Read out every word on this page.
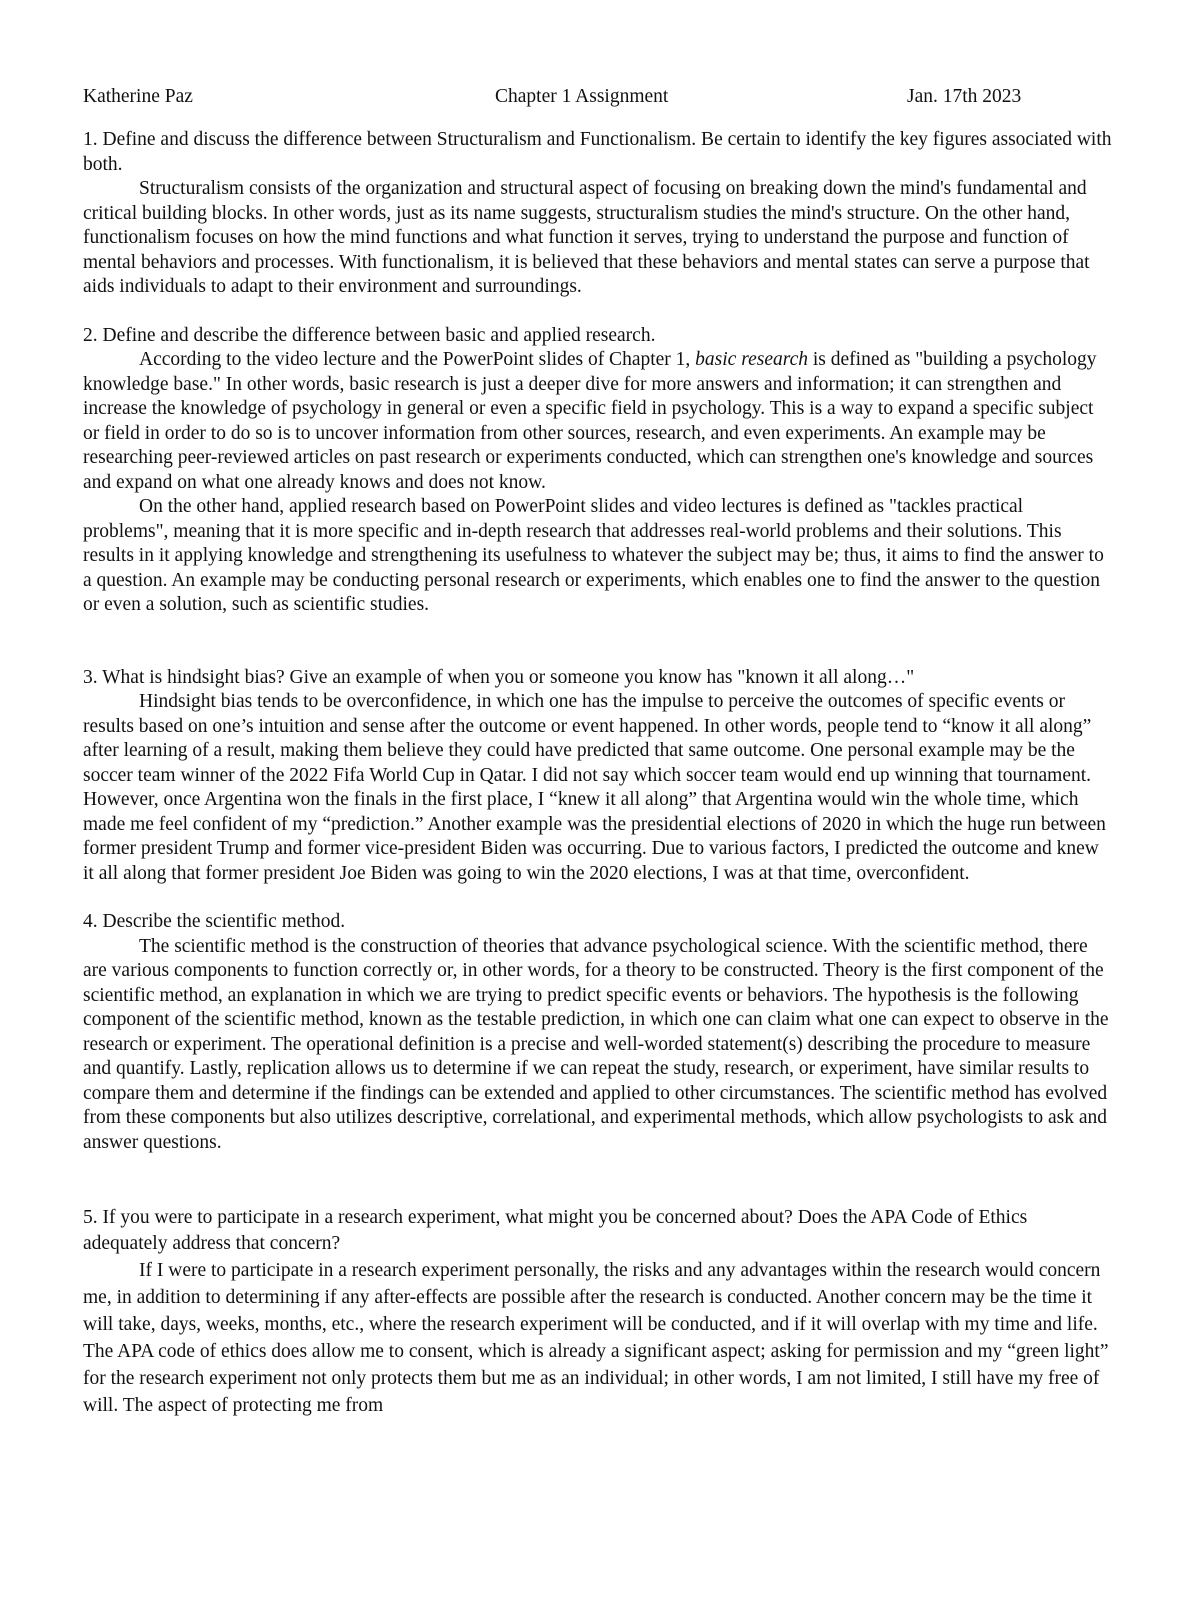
Katherine Paz	Chapter 1 Assignment	Jan. 17th 2023

1. Define and discuss the difference between Structuralism and Functionalism. Be certain to identify the key figures associated with both.

Structuralism consists of the organization and structural aspect of focusing on breaking down the mind's fundamental and critical building blocks. In other words, just as its name suggests, structuralism studies the mind's structure. On the other hand, functionalism focuses on how the mind functions and what function it serves, trying to understand the purpose and function of mental behaviors and processes. With functionalism, it is believed that these behaviors and mental states can serve a purpose that aids individuals to adapt to their environment and surroundings.

2. Define and describe the difference between basic and applied research.

According to the video lecture and the PowerPoint slides of Chapter 1, basic research is defined as "building a psychology knowledge base." In other words, basic research is just a deeper dive for more answers and information; it can strengthen and increase the knowledge of psychology in general or even a specific field in psychology. This is a way to expand a specific subject or field in order to do so is to uncover information from other sources, research, and even experiments. An example may be researching peer-reviewed articles on past research or experiments conducted, which can strengthen one's knowledge and sources and expand on what one already knows and does not know.

On the other hand, applied research based on PowerPoint slides and video lectures is defined as "tackles practical problems", meaning that it is more specific and in-depth research that addresses real-world problems and their solutions. This results in it applying knowledge and strengthening its usefulness to whatever the subject may be; thus, it aims to find the answer to a question. An example may be conducting personal research or experiments, which enables one to find the answer to the question or even a solution, such as scientific studies.

3. What is hindsight bias? Give an example of when you or someone you know has "known it all along…"

Hindsight bias tends to be overconfidence, in which one has the impulse to perceive the outcomes of specific events or results based on one’s intuition and sense after the outcome or event happened. In other words, people tend to “know it all along” after learning of a result, making them believe they could have predicted that same outcome. One personal example may be the soccer team winner of the 2022 Fifa World Cup in Qatar. I did not say which soccer team would end up winning that tournament. However, once Argentina won the finals in the first place, I “knew it all along” that Argentina would win the whole time, which made me feel confident of my “prediction.” Another example was the presidential elections of 2020 in which the huge run between former president Trump and former vice-president Biden was occurring. Due to various factors, I predicted the outcome and knew it all along that former president Joe Biden was going to win the 2020 elections, I was at that time, overconfident.

4. Describe the scientific method.

The scientific method is the construction of theories that advance psychological science. With the scientific method, there are various components to function correctly or, in other words, for a theory to be constructed. Theory is the first component of the scientific method, an explanation in which we are trying to predict specific events or behaviors. The hypothesis is the following component of the scientific method, known as the testable prediction, in which one can claim what one can expect to observe in the research or experiment. The operational definition is a precise and well-worded statement(s) describing the procedure to measure and quantify. Lastly, replication allows us to determine if we can repeat the study, research, or experiment, have similar results to compare them and determine if the findings can be extended and applied to other circumstances. The scientific method has evolved from these components but also utilizes descriptive, correlational, and experimental methods, which allow psychologists to ask and answer questions.

5. If you were to participate in a research experiment, what might you be concerned about? Does the APA Code of Ethics adequately address that concern?

If I were to participate in a research experiment personally, the risks and any advantages within the research would concern me, in addition to determining if any after-effects are possible after the research is conducted. Another concern may be the time it will take, days, weeks, months, etc., where the research experiment will be conducted, and if it will overlap with my time and life. The APA code of ethics does allow me to consent, which is already a significant aspect; asking for permission and my “green light” for the research experiment not only protects them but me as an individual; in other words, I am not limited, I still have my free of will. The aspect of protecting me from
